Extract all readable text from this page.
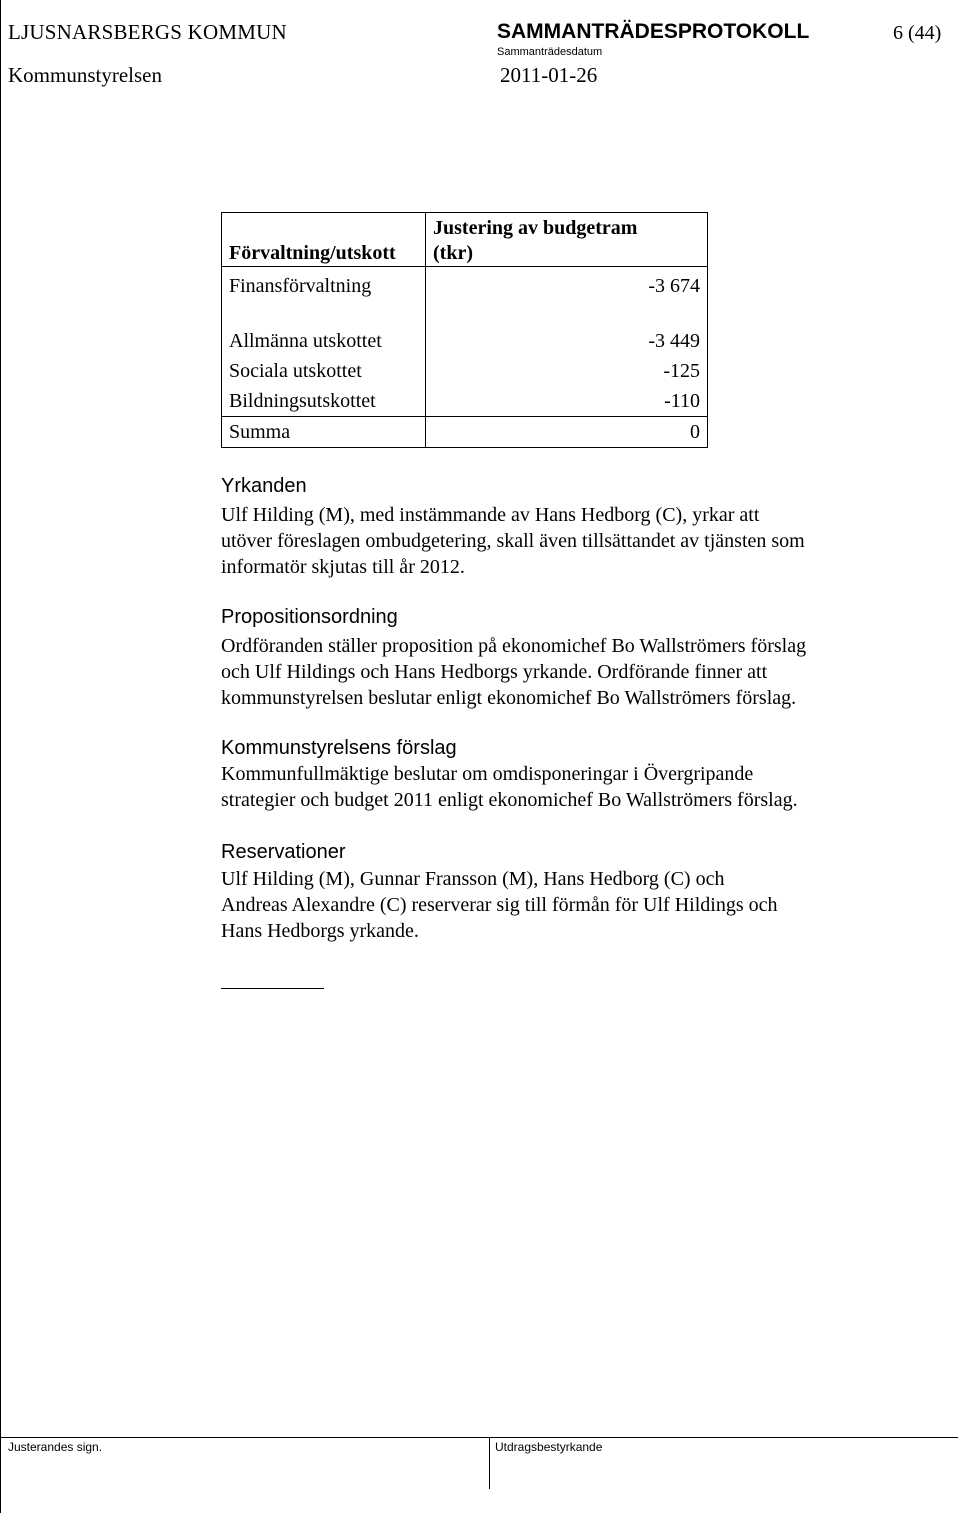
LJUSNARSBERGS KOMMUN	SAMMANTRÄDESPROTOKOLL	6 (44)
Sammanträdesdatum
Kommunstyrelsen	2011-01-26
Förvaltning/utskott	Justering av budgetram
(tkr)
Finansförvaltning	-3 674

Allmänna utskottet	-3 449
Sociala utskottet	-125
Bildningsutskottet	-110
Summa	0
Yrkanden
Ulf Hilding (M), med instämmande av Hans Hedborg (C), yrkar att
utöver föreslagen ombudgetering, skall även tillsättandet av tjänsten som
informatör skjutas till år 2012.
Propositionsordning
Ordföranden ställer proposition på ekonomichef Bo Wallströmers förslag
och Ulf Hildings och Hans Hedborgs yrkande. Ordförande finner att
kommunstyrelsen beslutar enligt ekonomichef Bo Wallströmers förslag.
Kommunstyrelsens förslag
Kommunfullmäktige beslutar om omdisponeringar i Övergripande
strategier och budget 2011 enligt ekonomichef Bo Wallströmers förslag.
Reservationer
Ulf Hilding (M), Gunnar Fransson (M), Hans Hedborg (C) och
Andreas Alexandre (C) reserverar sig till förmån för Ulf Hildings och
Hans Hedborgs yrkande.
Justerandes sign.	Utdragsbestyrkande
